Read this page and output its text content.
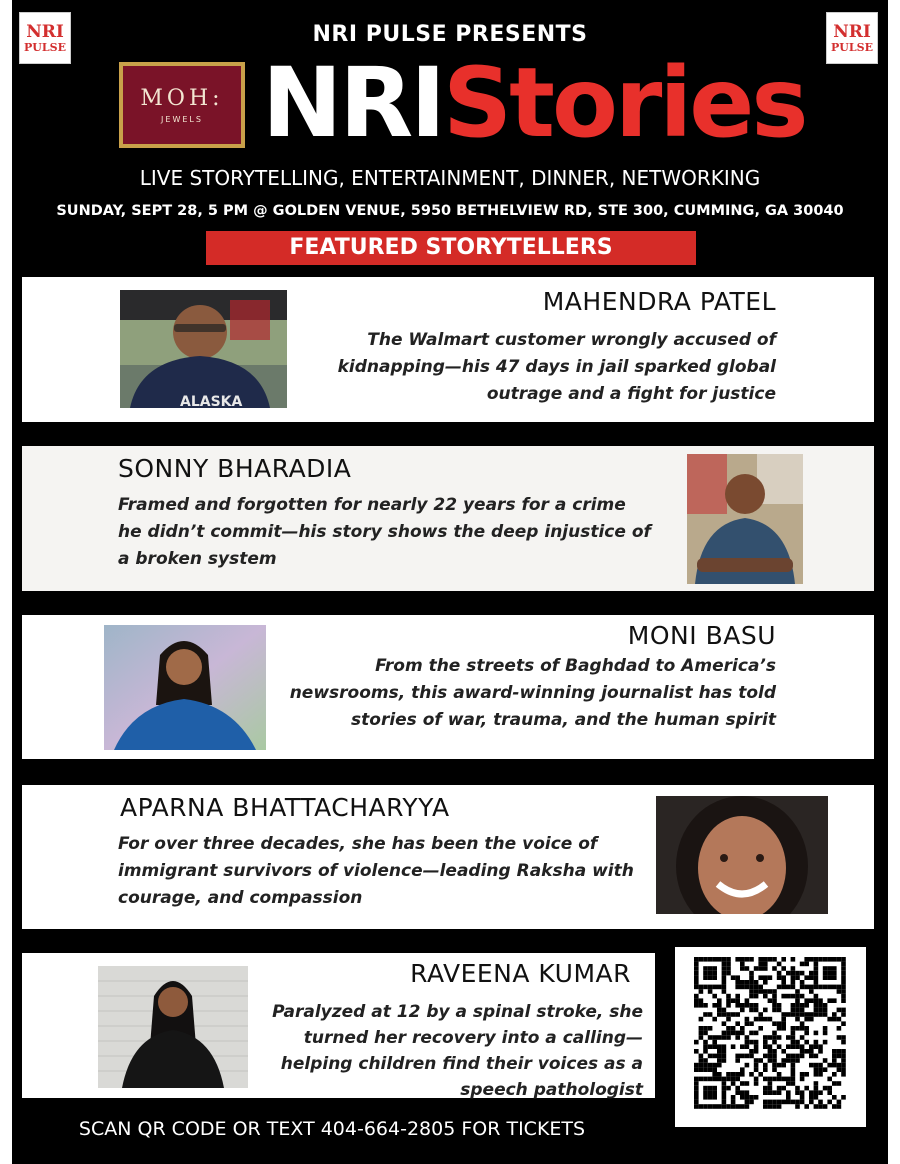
NRI
PULSE
NRI
PULSE
NRI PULSE PRESENTS
MOH:
JEWELS NRIStories
LIVE STORYTELLING, ENTERTAINMENT, DINNER, NETWORKING
SUNDAY, SEPT 28, 5 PM @ GOLDEN VENUE, 5950 BETHELVIEW RD, STE 300, CUMMING, GA 30040
FEATURED STORYTELLERS
ALASKA
MAHENDRA PATEL
The Walmart customer wrongly accused of
kidnapping—his 47 days in jail sparked global
outrage and a fight for justice
SONNY BHARADIA
Framed and forgotten for nearly 22 years for a crime
he didn’t commit—his story shows the deep injustice of
a broken system
MONI BASU
From the streets of Baghdad to America’s
newsrooms, this award-winning journalist has told
stories of war, trauma, and the human spirit
APARNA BHATTACHARYYA
For over three decades, she has been the voice of
immigrant survivors of violence—leading Raksha with
courage, and compassion
RAVEENA KUMAR
Paralyzed at 12 by a spinal stroke, she
turned her recovery into a calling—
helping children find their voices as a
speech pathologist
SCAN QR CODE OR TEXT 404-664-2805 FOR TICKETS
